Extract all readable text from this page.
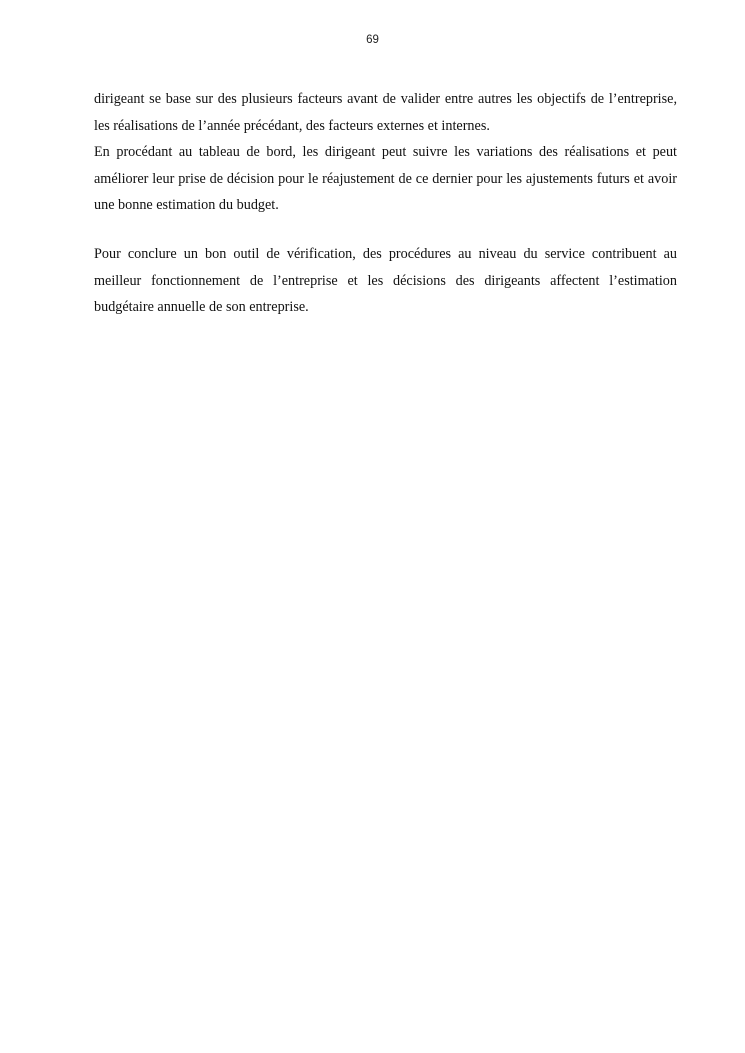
69

dirigeant se base sur des plusieurs facteurs avant de valider entre autres les objectifs de l’entreprise, les réalisations de l’année précédant, des facteurs externes et internes.

En procédant au tableau de bord, les dirigeant peut suivre les variations des réalisations et peut améliorer leur prise de décision pour le réajustement de ce dernier pour les ajustements futurs et avoir une bonne estimation du budget.

Pour conclure un bon outil de vérification, des procédures au niveau du service contribuent au meilleur fonctionnement de l’entreprise et les décisions des dirigeants affectent l’estimation budgétaire annuelle de son entreprise.
